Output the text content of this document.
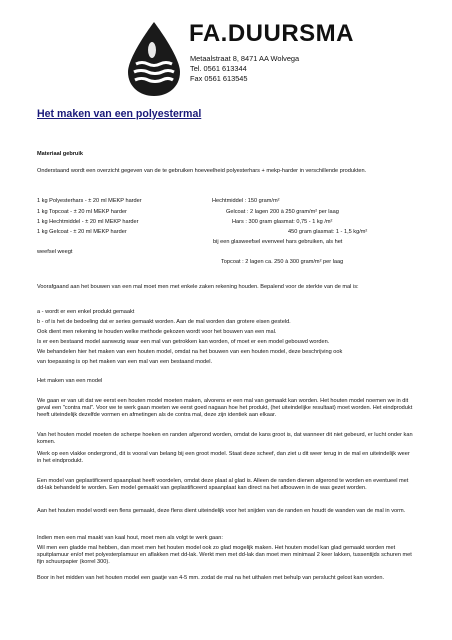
FA.DUURSMA
Metaalstraat 8, 8471 AA Wolvega
Tel. 0561 613344
Fax 0561 613545
Het maken van een polyestermal
Materiaal gebruik
Onderstaand wordt een overzicht gegeven van de te gebruiken hoeveelheid polyesterhars + mekp-harder in verschillende produkten.
1 kg Polyesterhars - ± 20 ml MEKP harder
1 kg Topcoat - ± 20 ml MEKP harder
1 kg Hechtmiddel - ± 20 ml MEKP harder
1 kg Gelcoat - ± 20 ml MEKP harder
Hechtmiddel : 150 gram/m²
Gelcoat : 2 lagen 200 à 250 gram/m² per laag
Hars : 300 gram glasmat: 0,75 - 1 kg /m²
450 gram glasmat: 1 - 1,5 kg/m²
bij een glasweefsel evenveel hars gebruiken, als het
weefsel weegt
Topcoat : 2 lagen ca. 250 à 300 gram/m² per laag
Voorafgaand aan het bouwen van een mal moet men met enkele zaken rekening houden. Bepalend voor de sterkte van de mal is:
a - wordt er een enkel produkt gemaakt
b - of is het de bedoeling dat er series gemaakt worden. Aan de mal worden dan grotere eisen gesteld.
Ook dient men rekening te houden welke methode gekozen wordt voor het bouwen van een mal.
Is er een bestaand model aanwezig waar een mal van getrokken kan worden, of moet er een model gebouwd worden.
We behandelen hier het maken van een houten model, omdat na het bouwen van een houten model, deze beschrijving ook
van toepassing is op het maken van een mal van een bestaand model.
Het maken van een model
We gaan er van uit dat we eerst een houten model moeten maken, alvorens er een mal van gemaakt kan worden. Het houten model noemen we in dit geval een "contra mal". Voor we te werk gaan moeten we eerst goed nagaan hoe het produkt, (het uiteindelijke resultaat) moet worden. Het eindprodukt heeft uiteindelijk dezelfde vormen en afmetingen als de contra mal, deze zijn identiek aan elkaar.
Van het houten model moeten de scherpe hoeken en randen afgerond worden, omdat de kans groot is, dat wanneer dit niet gebeurd, er lucht onder kan komen.
Werk op een vlakke ondergrond, dit is vooral van belang bij een groot model. Staat deze scheef, dan ziet u dit weer terug in de mal en uiteindelijk weer in het eindprodukt.
Een model van geplastificeerd spaanplaat heeft voordelen, omdat deze plaat al glad is. Alleen de randen dienen afgerond te worden en eventueel met dd-lak behandeld te worden. Een model gemaakt van geplastificeerd spaanplaat kan direct na het afbouwen in de was gezet worden.
Aan het houten model wordt een flens gemaakt, deze flens dient uiteindelijk voor het snijden van de randen en houdt de wanden van de mal in vorm.
Indien men een mal maakt van kaal hout, moet men als volgt te werk gaan:
Wil men een gladde mal hebben, dan moet men het houten model ook zo glad mogelijk maken. Het houten model kan glad gemaakt worden met spuitplamuur en/of met polyesterplamuur en aflakken met dd-lak. Werkt men met dd-lak dan moet men minimaal 2 keer lakken, tussentijds schuren met fijn schuurpapier (korrel 300).
Boor in het midden van het houten model een gaatje van 4-5 mm. zodat de mal na het uithalen met behulp van perslucht gelost kan worden.
